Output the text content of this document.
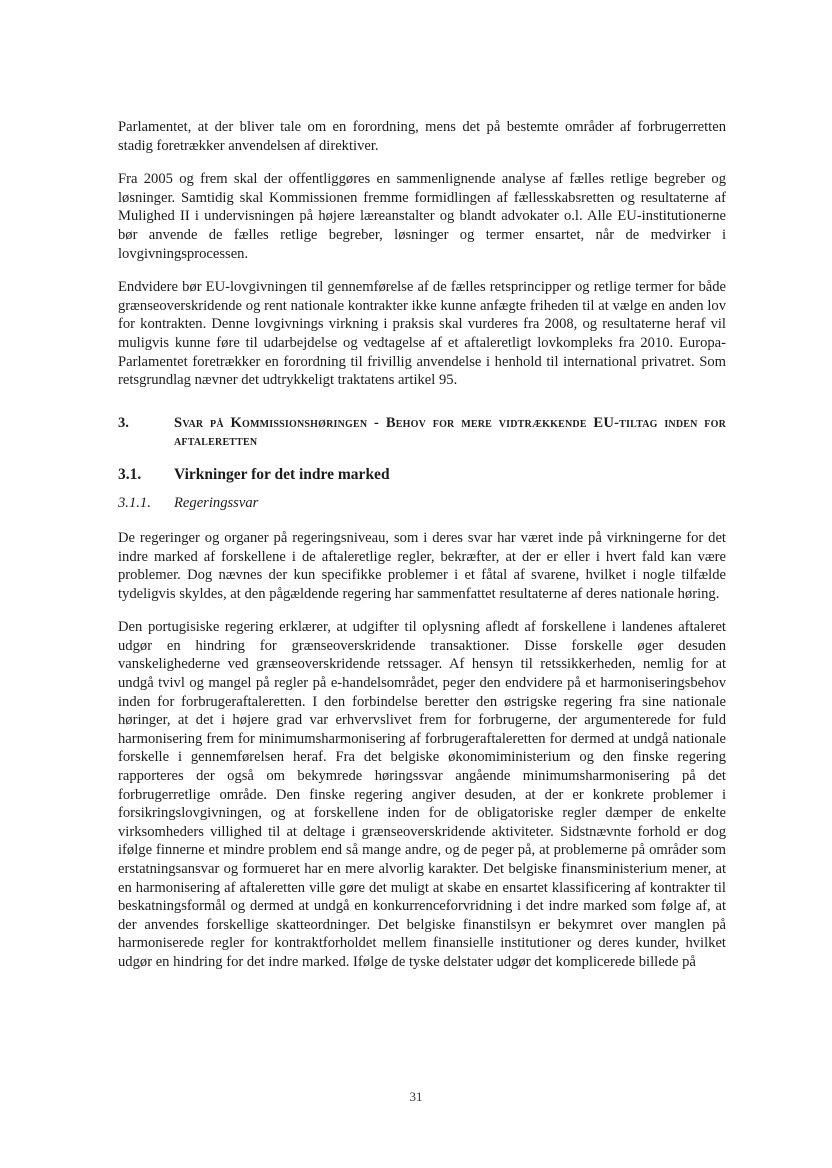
Parlamentet, at der bliver tale om en forordning, mens det på bestemte områder af forbrugerretten stadig foretrækker anvendelsen af direktiver.

Fra 2005 og frem skal der offentliggøres en sammenlignende analyse af fælles retlige begreber og løsninger. Samtidig skal Kommissionen fremme formidlingen af fællesskabsretten og resultaterne af Mulighed II i undervisningen på højere læreanstalter og blandt advokater o.l. Alle EU-institutionerne bør anvende de fælles retlige begreber, løsninger og termer ensartet, når de medvirker i lovgivningsprocessen.

Endvidere bør EU-lovgivningen til gennemførelse af de fælles retsprincipper og retlige termer for både grænseoverskridende og rent nationale kontrakter ikke kunne anfægte friheden til at vælge en anden lov for kontrakten. Denne lovgivnings virkning i praksis skal vurderes fra 2008, og resultaterne heraf vil muligvis kunne føre til udarbejdelse og vedtagelse af et aftaleretligt lovkompleks fra 2010. Europa-Parlamentet foretrækker en forordning til frivillig anvendelse i henhold til international privatret. Som retsgrundlag nævner det udtrykkeligt traktatens artikel 95.

3.	Svar på Kommissionshøringen - Behov for mere vidtrækkende EU-tiltag inden for aftaleretten
3.1.	Virkninger for det indre marked
3.1.1.	Regeringssvar

De regeringer og organer på regeringsniveau, som i deres svar har været inde på virkningerne for det indre marked af forskellene i de aftaleretlige regler, bekræfter, at der er eller i hvert fald kan være problemer. Dog nævnes der kun specifikke problemer i et fåtal af svarene, hvilket i nogle tilfælde tydeligvis skyldes, at den pågældende regering har sammenfattet resultaterne af deres nationale høring.

Den portugisiske regering erklærer, at udgifter til oplysning afledt af forskellene i landenes aftaleret udgør en hindring for grænseoverskridende transaktioner. Disse forskelle øger desuden vanskelighederne ved grænseoverskridende retssager. Af hensyn til retssikkerheden, nemlig for at undgå tvivl og mangel på regler på e-handelsområdet, peger den endvidere på et harmoniseringsbehov inden for forbrugeraftaleretten. I den forbindelse beretter den østrigske regering fra sine nationale høringer, at det i højere grad var erhvervslivet frem for forbrugerne, der argumenterede for fuld harmonisering frem for minimumsharmonisering af forbrugeraftaleretten for dermed at undgå nationale forskelle i gennemførelsen heraf. Fra det belgiske økonomiministerium og den finske regering rapporteres der også om bekymrede høringssvar angående minimumsharmonisering på det forbrugerretlige område. Den finske regering angiver desuden, at der er konkrete problemer i forsikringslovgivningen, og at forskellene inden for de obligatoriske regler dæmper de enkelte virksomheders villighed til at deltage i grænseoverskridende aktiviteter. Sidstnævnte forhold er dog ifølge finnerne et mindre problem end så mange andre, og de peger på, at problemerne på områder som erstatningsansvar og formueret har en mere alvorlig karakter. Det belgiske finansministerium mener, at en harmonisering af aftaleretten ville gøre det muligt at skabe en ensartet klassificering af kontrakter til beskatningsformål og dermed at undgå en konkurrenceforvridning i det indre marked som følge af, at der anvendes forskellige skatteordninger. Det belgiske finanstilsyn er bekymret over manglen på harmoniserede regler for kontraktforholdet mellem finansielle institutioner og deres kunder, hvilket udgør en hindring for det indre marked. Ifølge de tyske delstater udgør det komplicerede billede på

31
